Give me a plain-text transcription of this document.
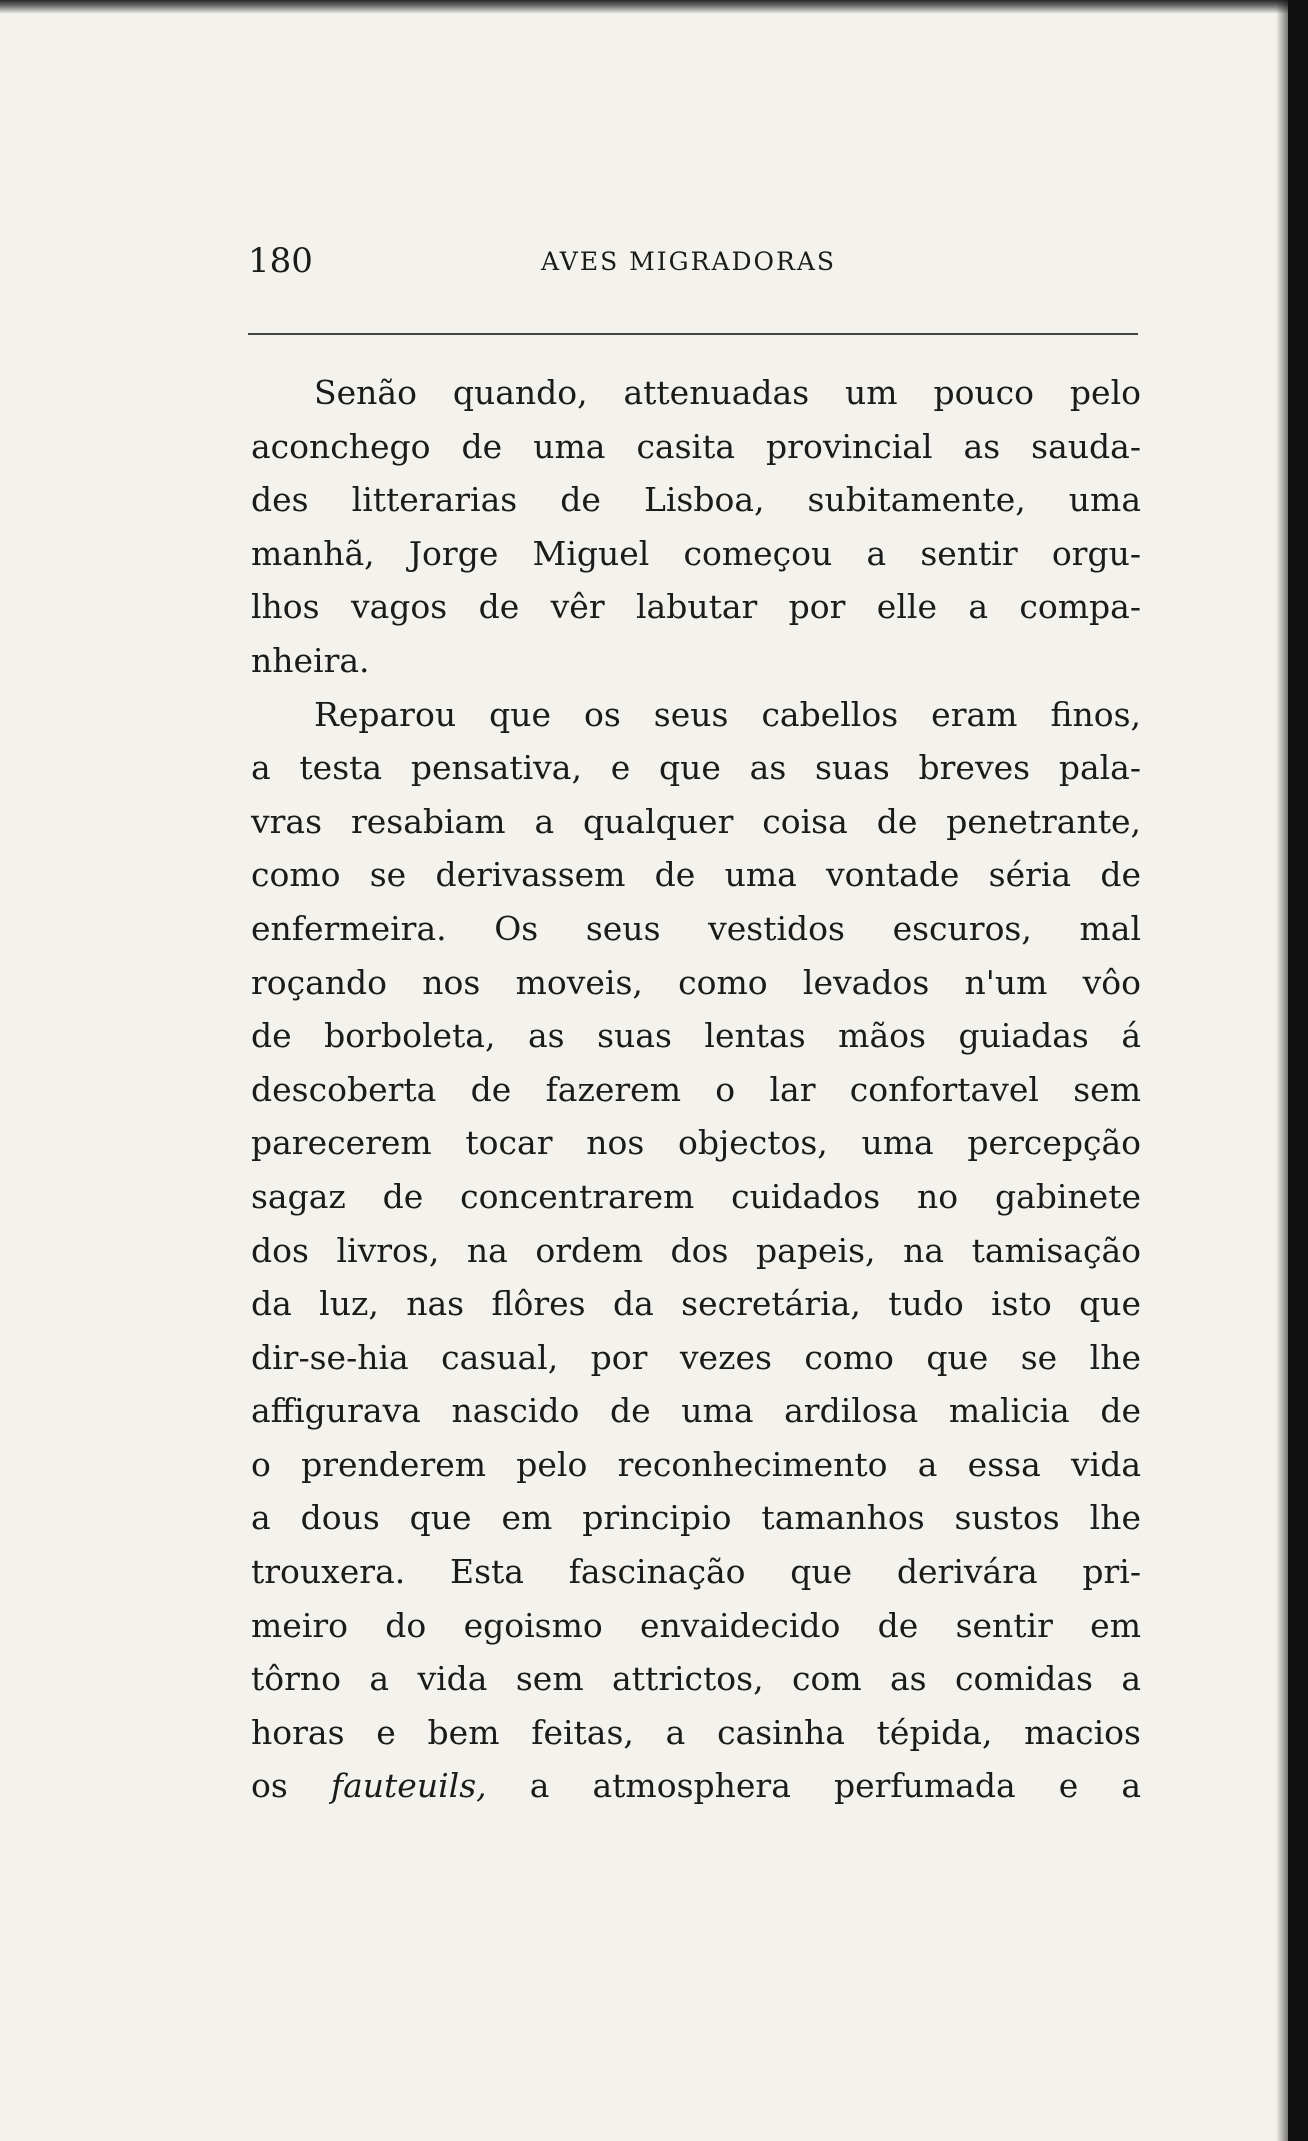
180	AVES MIGRADORAS
Senão quando, attenuadas um pouco pelo
aconchego de uma casita provincial as sauda-
des litterarias de Lisboa, subitamente, uma
manhã, Jorge Miguel começou a sentir orgu-
lhos vagos de vêr labutar por elle a compa-
nheira.
Reparou que os seus cabellos eram finos,
a testa pensativa, e que as suas breves pala-
vras resabiam a qualquer coisa de penetrante,
como se derivassem de uma vontade séria de
enfermeira. Os seus vestidos escuros, mal
roçando nos moveis, como levados n'um vôo
de borboleta, as suas lentas mãos guiadas á
descoberta de fazerem o lar confortavel sem
parecerem tocar nos objectos, uma percepção
sagaz de concentrarem cuidados no gabinete
dos livros, na ordem dos papeis, na tamisação
da luz, nas flôres da secretária, tudo isto que
dir-se-hia casual, por vezes como que se lhe
affigurava nascido de uma ardilosa malicia de
o prenderem pelo reconhecimento a essa vida
a dous que em principio tamanhos sustos lhe
trouxera. Esta fascinação que derivára pri-
meiro do egoismo envaidecido de sentir em
tôrno a vida sem attrictos, com as comidas a
horas e bem feitas, a casinha tépida, macios
os fauteuils, a atmosphera perfumada e a
